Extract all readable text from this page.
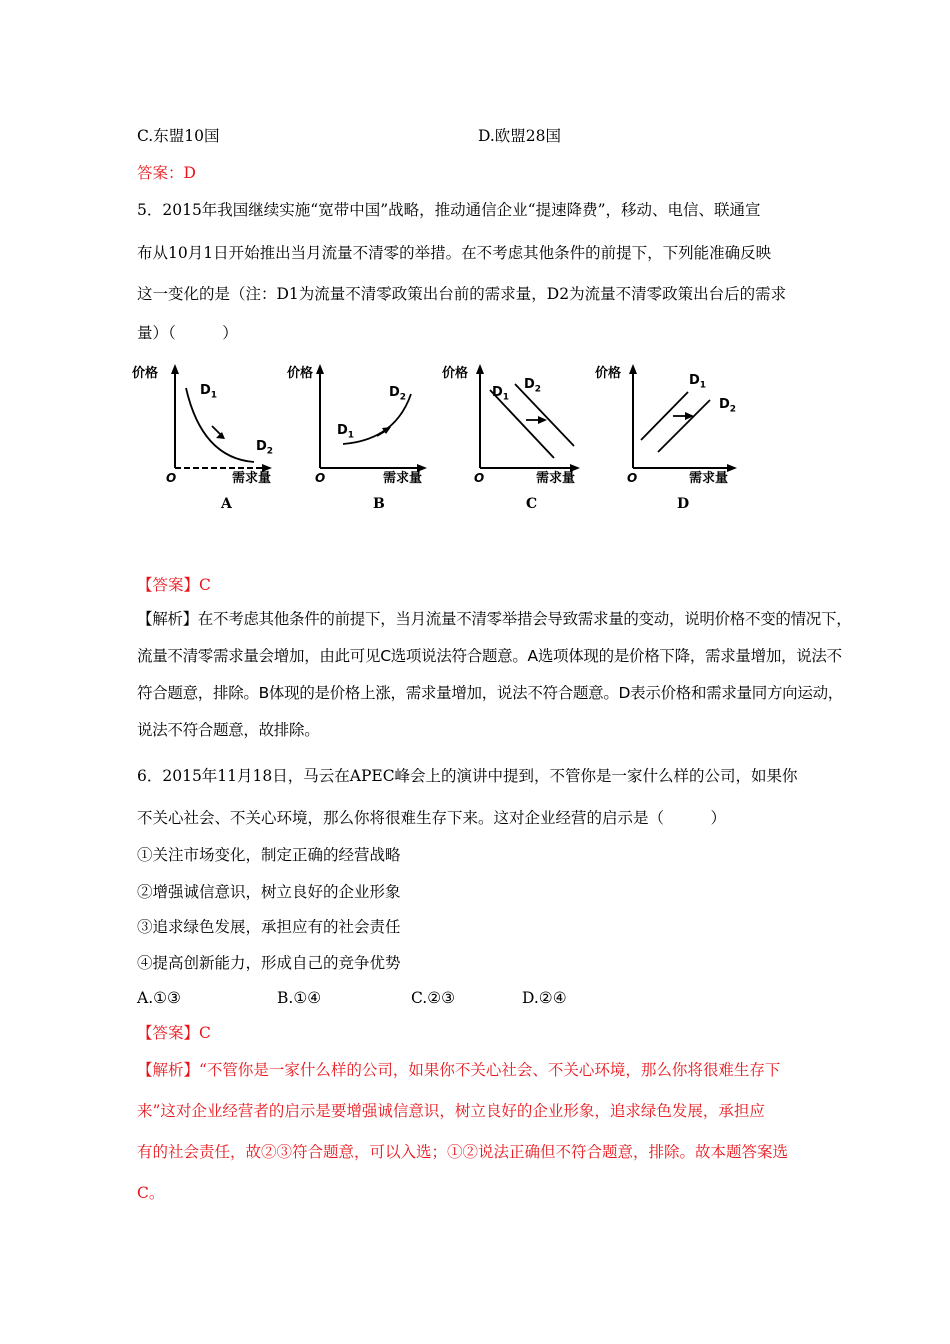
C.东盟10国	D.欧盟28国
答案：D
5．2015年我国继续实施“宽带中国”战略，推动通信企业“提速降费”，移动、电信、联通宣
布从10月1日开始推出当月流量不清零的举措。在不考虑其他条件的前提下，下列能准确反映
这一变化的是（注：D1为流量不清零政策出台前的需求量，D2为流量不清零政策出台后的需求
量）（　　　）
价格
$D_1$
$D_2$
O	需求量
A
价格
$D_1$
$D_2$
O	需求量
B
价格
$D_1$
$D_2$
O	需求量
C
价格	$D_1$
$D_2$
O	需求量
D
【答案】C
【解析】在不考虑其他条件的前提下，当月流量不清零举措会导致需求量的变动，说明价格不变的情况下，
流量不清零需求量会增加，由此可见C选项说法符合题意。A选项体现的是价格下降，需求量增加，说法不
符合题意，排除。B体现的是价格上涨，需求量增加，说法不符合题意。D表示价格和需求量同方向运动，
说法不符合题意，故排除。
6．2015年11月18日，马云在APEC峰会上的演讲中提到，不管你是一家什么样的公司，如果你
不关心社会、不关心环境，那么你将很难生存下来。这对企业经营的启示是（　　　）
①关注市场变化，制定正确的经营战略
②增强诚信意识，树立良好的企业形象
③追求绿色发展，承担应有的社会责任
④提高创新能力，形成自己的竞争优势
A.①③	B.①④	C.②③	D.②④
【答案】C
【解析】“不管你是一家什么样的公司，如果你不关心社会、不关心环境，那么你将很难生存下
来”这对企业经营者的启示是要增强诚信意识，树立良好的企业形象，追求绿色发展，承担应
有的社会责任，故②③符合题意，可以入选；①②说法正确但不符合题意，排除。故本题答案选
C。
